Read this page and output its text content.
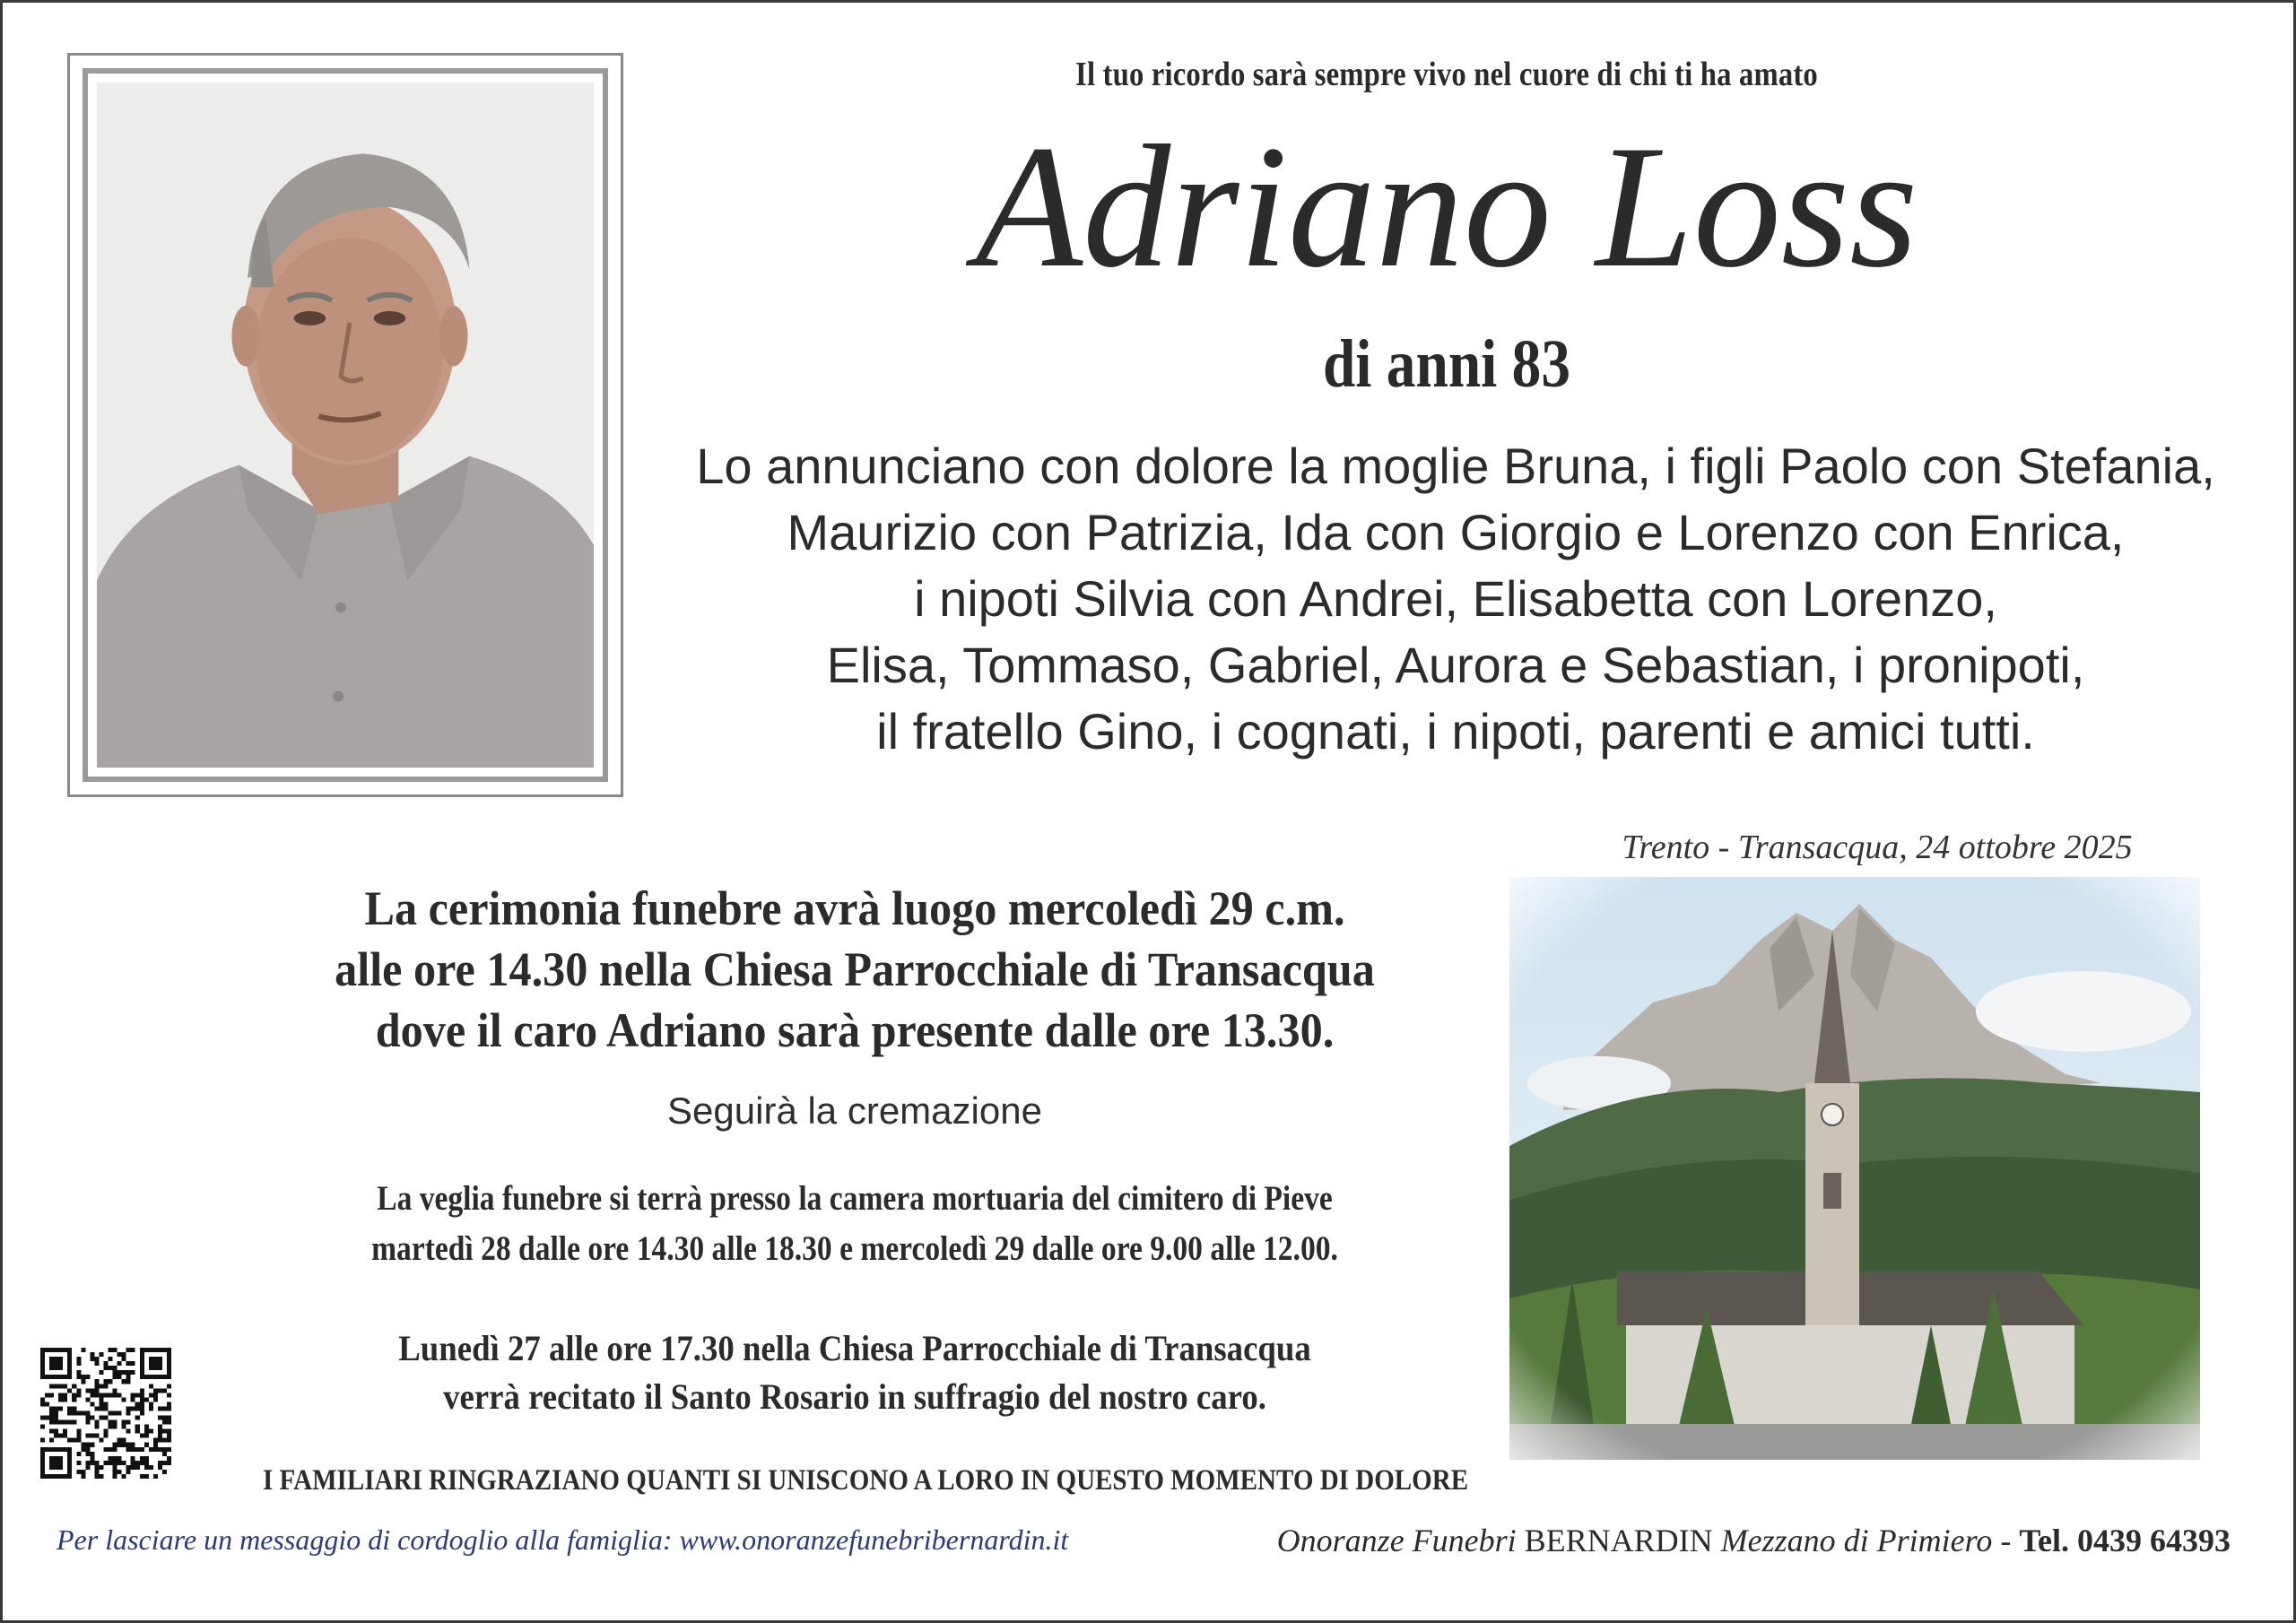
Il tuo ricordo sarà sempre vivo nel cuore di chi ti ha amato
Adriano Loss
di anni 83
Lo annunciano con dolore la moglie Bruna, i figli Paolo con Stefania,
Maurizio con Patrizia, Ida con Giorgio e Lorenzo con Enrica,
i nipoti Silvia con Andrei, Elisabetta con Lorenzo,
Elisa, Tommaso, Gabriel, Aurora e Sebastian, i pronipoti,
il fratello Gino, i cognati, i nipoti, parenti e amici tutti.
Trento - Transacqua, 24 ottobre 2025
La cerimonia funebre avrà luogo mercoledì 29 c.m.
alle ore 14.30 nella Chiesa Parrocchiale di Transacqua
dove il caro Adriano sarà presente dalle ore 13.30.
Seguirà la cremazione
La veglia funebre si terrà presso la camera mortuaria del cimitero di Pieve
martedì 28 dalle ore 14.30 alle 18.30 e mercoledì 29 dalle ore 9.00 alle 12.00.
Lunedì 27 alle ore 17.30 nella Chiesa Parrocchiale di Transacqua
verrà recitato il Santo Rosario in suffragio del nostro caro.
I FAMILIARI RINGRAZIANO QUANTI SI UNISCONO A LORO IN QUESTO MOMENTO DI DOLORE
Per lasciare un messaggio di cordoglio alla famiglia: www.onoranzefunebribernardin.it	Onoranze Funebri BERNARDIN Mezzano di Primiero - Tel. 0439 64393
